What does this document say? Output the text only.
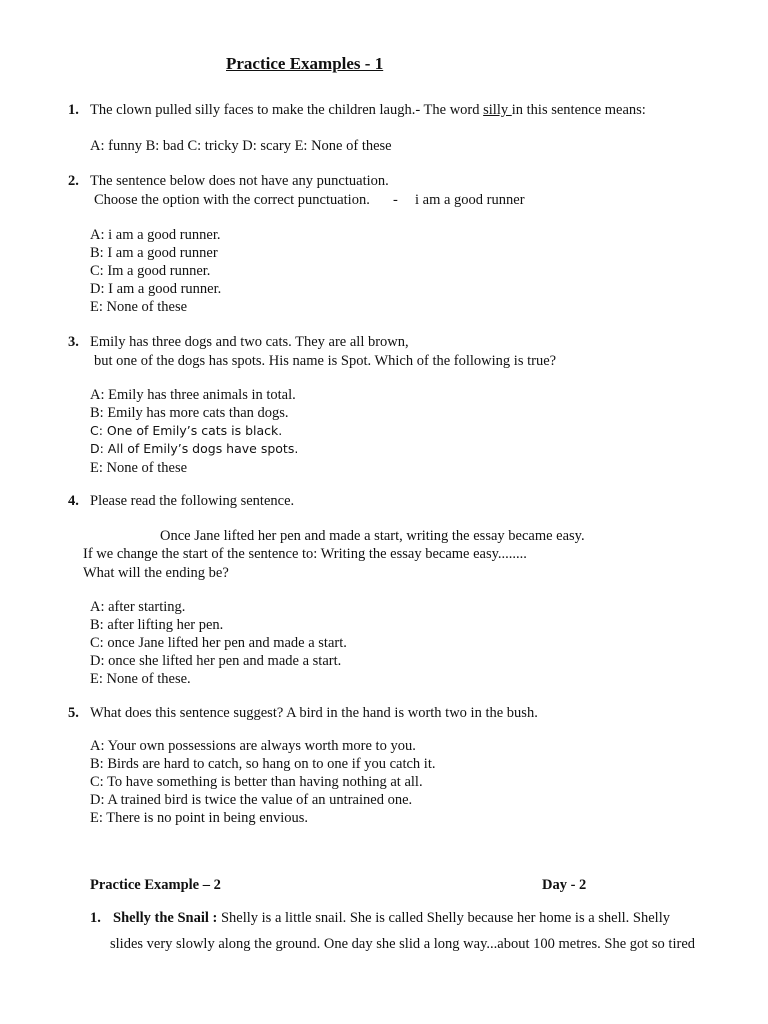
Practice Examples - 1
1. The clown pulled silly faces to make the children laugh.- The word silly in this sentence means:
A: funny B: bad C: tricky D: scary E: None of these
2. The sentence below does not have any punctuation.
Choose the option with the correct punctuation. - i am a good runner
A: i am a good runner.
B: I am a good runner
C: Im a good runner.
D: I am a good runner.
E: None of these
3. Emily has three dogs and two cats. They are all brown,
but one of the dogs has spots. His name is Spot. Which of the following is true?
A: Emily has three animals in total.
B: Emily has more cats than dogs.
C: One of Emily’s cats is black.
D: All of Emily’s dogs have spots.
E: None of these
4. Please read the following sentence.
Once Jane lifted her pen and made a start, writing the essay became easy.
If we change the start of the sentence to: Writing the essay became easy........
What will the ending be?
A: after starting.
B: after lifting her pen.
C: once Jane lifted her pen and made a start.
D: once she lifted her pen and made a start.
E: None of these.
5. What does this sentence suggest? A bird in the hand is worth two in the bush.
A: Your own possessions are always worth more to you.
B: Birds are hard to catch, so hang on to one if you catch it.
C: To have something is better than having nothing at all.
D: A trained bird is twice the value of an untrained one.
E: There is no point in being envious.
Practice Example – 2	Day - 2
1. Shelly the Snail : Shelly is a little snail. She is called Shelly because her home is a shell. Shelly
slides very slowly along the ground. One day she slid a long way...about 100 metres. She got so tired
